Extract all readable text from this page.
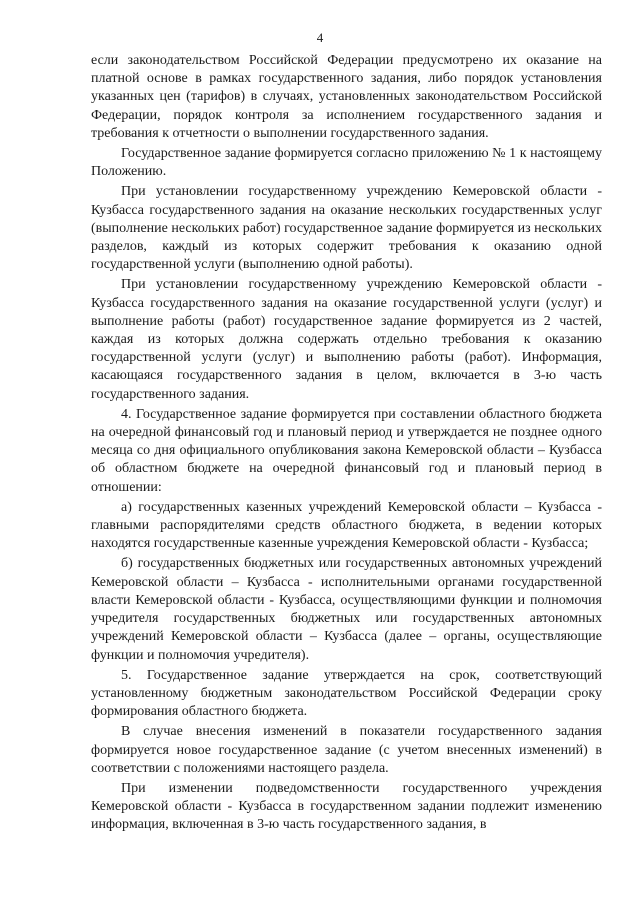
4

если законодательством Российской Федерации предусмотрено их оказание на платной основе в рамках государственного задания, либо порядок установления указанных цен (тарифов) в случаях, установленных законодательством Российской Федерации, порядок контроля за исполнением государственного задания и требования к отчетности о выполнении государственного задания.

Государственное задание формируется согласно приложению № 1 к настоящему Положению.

При установлении государственному учреждению Кемеровской области - Кузбасса государственного задания на оказание нескольких государственных услуг (выполнение нескольких работ) государственное задание формируется из нескольких разделов, каждый из которых содержит требования к оказанию одной государственной услуги (выполнению одной работы).

При установлении государственному учреждению Кемеровской области - Кузбасса государственного задания на оказание государственной услуги (услуг) и выполнение работы (работ) государственное задание формируется из 2 частей, каждая из которых должна содержать отдельно требования к оказанию государственной услуги (услуг) и выполнению работы (работ). Информация, касающаяся государственного задания в целом, включается в 3-ю часть государственного задания.

4. Государственное задание формируется при составлении областного бюджета на очередной финансовый год и плановый период и утверждается не позднее одного месяца со дня официального опубликования закона Кемеровской области – Кузбасса об областном бюджете на очередной финансовый год и плановый период в отношении:

а) государственных казенных учреждений Кемеровской области – Кузбасса - главными распорядителями средств областного бюджета, в ведении которых находятся государственные казенные учреждения Кемеровской области - Кузбасса;

б) государственных бюджетных или государственных автономных учреждений Кемеровской области – Кузбасса - исполнительными органами государственной власти Кемеровской области - Кузбасса, осуществляющими функции и полномочия учредителя государственных бюджетных или государственных автономных учреждений Кемеровской области – Кузбасса (далее – органы, осуществляющие функции и полномочия учредителя).

5. Государственное задание утверждается на срок, соответствующий установленному бюджетным законодательством Российской Федерации сроку формирования областного бюджета.

В случае внесения изменений в показатели государственного задания формируется новое государственное задание (с учетом внесенных изменений) в соответствии с положениями настоящего раздела.

При изменении подведомственности государственного учреждения Кемеровской области - Кузбасса в государственном задании подлежит изменению информация, включенная в 3-ю часть государственного задания, в
